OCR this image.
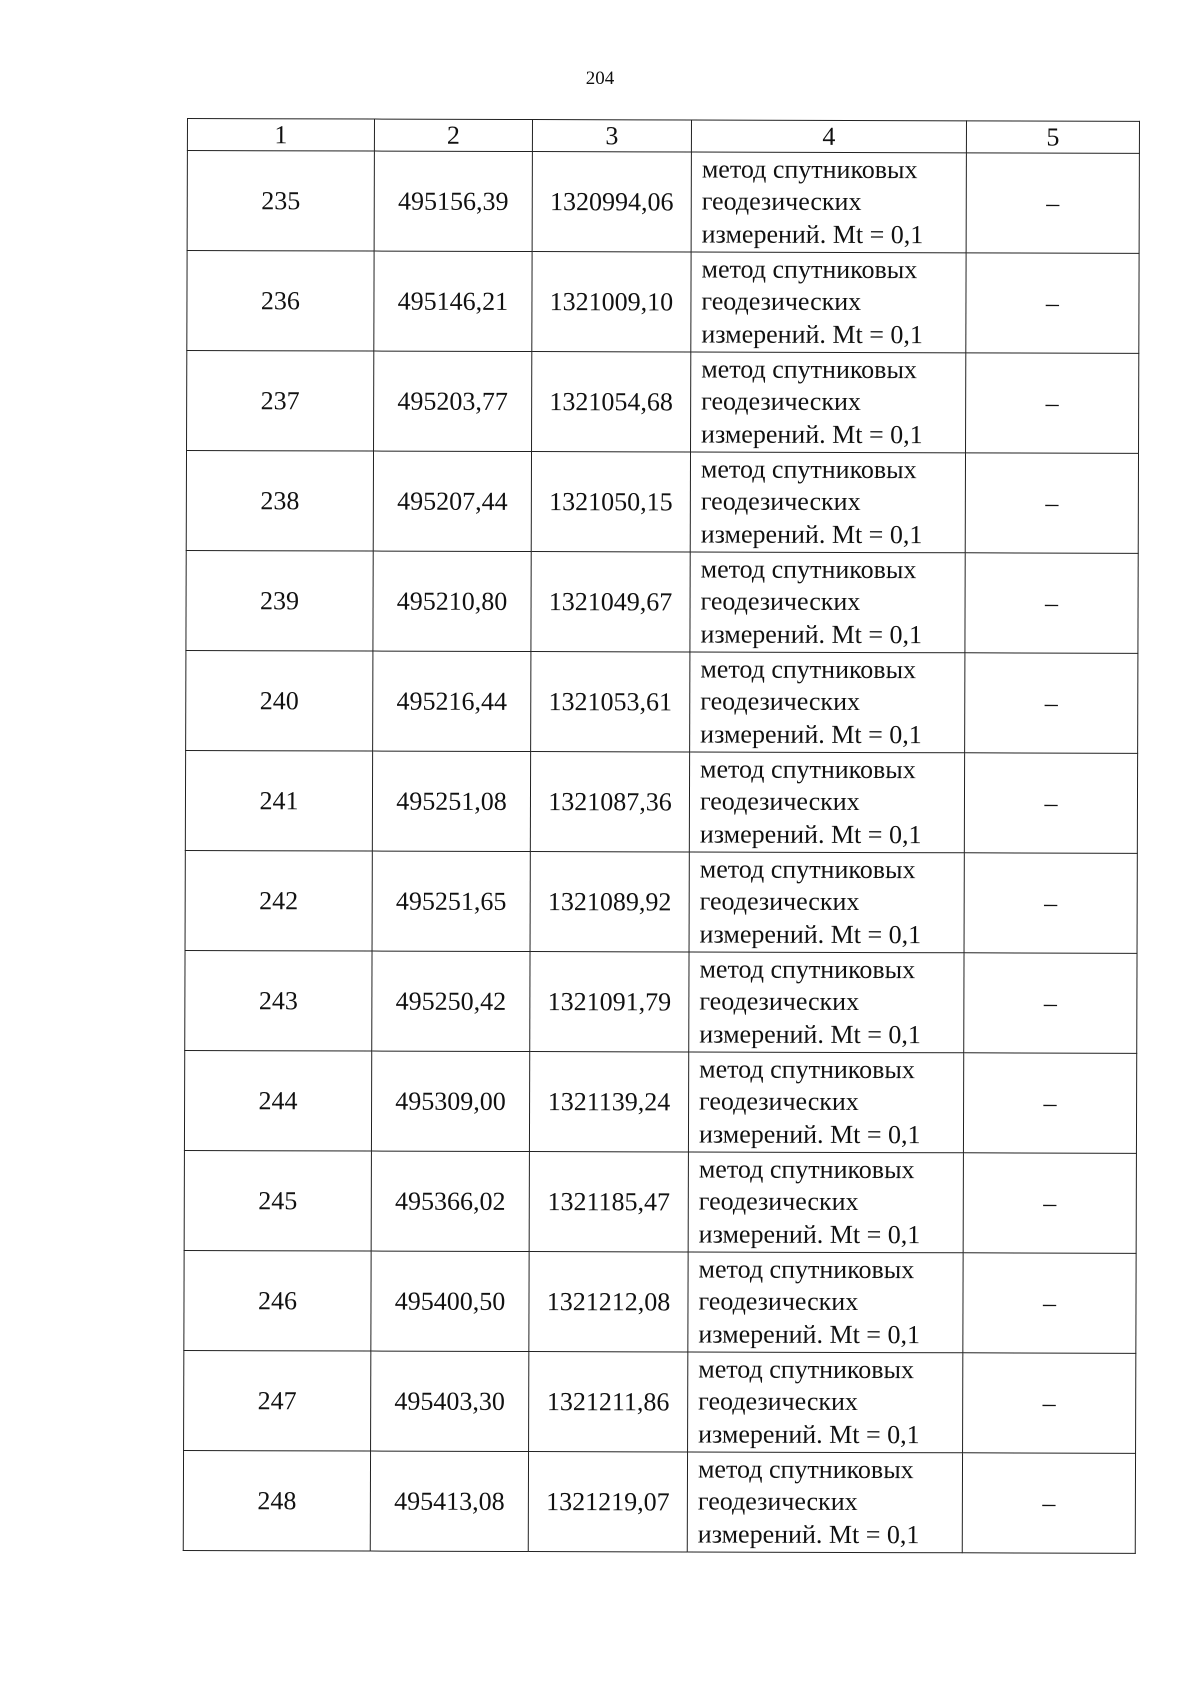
204
1	2	3	4	5
235	495156,39	1320994,06	метод спутниковых
геодезических
измерений. Mt = 0,1	–
236	495146,21	1321009,10	метод спутниковых
геодезических
измерений. Mt = 0,1	–
237	495203,77	1321054,68	метод спутниковых
геодезических
измерений. Mt = 0,1	–
238	495207,44	1321050,15	метод спутниковых
геодезических
измерений. Mt = 0,1	–
239	495210,80	1321049,67	метод спутниковых
геодезических
измерений. Mt = 0,1	–
240	495216,44	1321053,61	метод спутниковых
геодезических
измерений. Mt = 0,1	–
241	495251,08	1321087,36	метод спутниковых
геодезических
измерений. Mt = 0,1	–
242	495251,65	1321089,92	метод спутниковых
геодезических
измерений. Mt = 0,1	–
243	495250,42	1321091,79	метод спутниковых
геодезических
измерений. Mt = 0,1	–
244	495309,00	1321139,24	метод спутниковых
геодезических
измерений. Mt = 0,1	–
245	495366,02	1321185,47	метод спутниковых
геодезических
измерений. Mt = 0,1	–
246	495400,50	1321212,08	метод спутниковых
геодезических
измерений. Mt = 0,1	–
247	495403,30	1321211,86	метод спутниковых
геодезических
измерений. Mt = 0,1	–
248	495413,08	1321219,07	метод спутниковых
геодезических
измерений. Mt = 0,1	–
